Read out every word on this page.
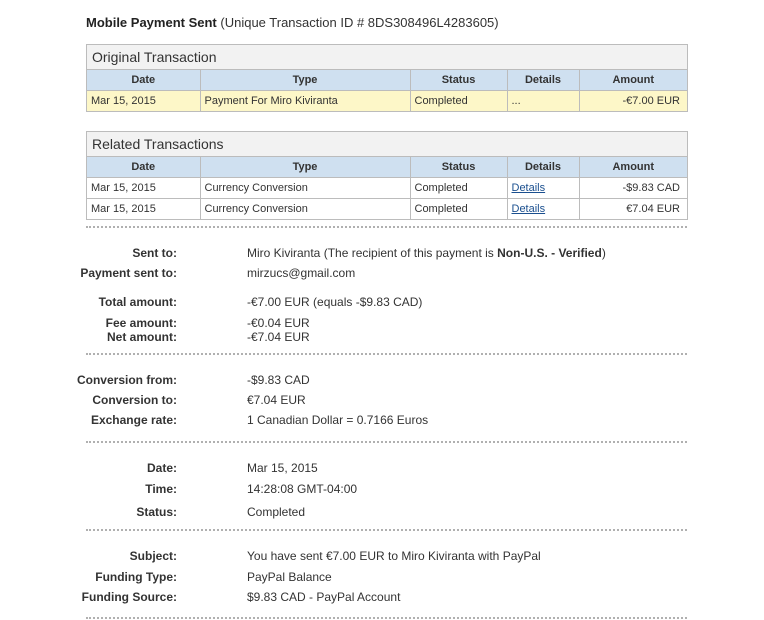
Mobile Payment Sent (Unique Transaction ID # 8DS308496L4283605)
Original Transaction
Date	Type	Status	Details	Amount
Mar 15, 2015	Payment For Miro Kiviranta	Completed	...	-€7.00 EUR
Related Transactions
Date	Type	Status	Details	Amount
Mar 15, 2015	Currency Conversion	Completed	Details	-$9.83 CAD
Mar 15, 2015	Currency Conversion	Completed	Details	€7.04 EUR
Sent to:	Miro Kiviranta (The recipient of this payment is Non-U.S. - Verified)
Payment sent to:	mirzucs@gmail.com
Total amount:	-€7.00 EUR (equals -$9.83 CAD)
Fee amount:	-€0.04 EUR
Net amount:	-€7.04 EUR
Conversion from:	-$9.83 CAD
Conversion to:	€7.04 EUR
Exchange rate:	1 Canadian Dollar = 0.7166 Euros
Date:	Mar 15, 2015
Time:	14:28:08 GMT-04:00
Status:	Completed
Subject:	You have sent €7.00 EUR to Miro Kiviranta with PayPal
Funding Type:	PayPal Balance
Funding Source:	$9.83 CAD - PayPal Account
